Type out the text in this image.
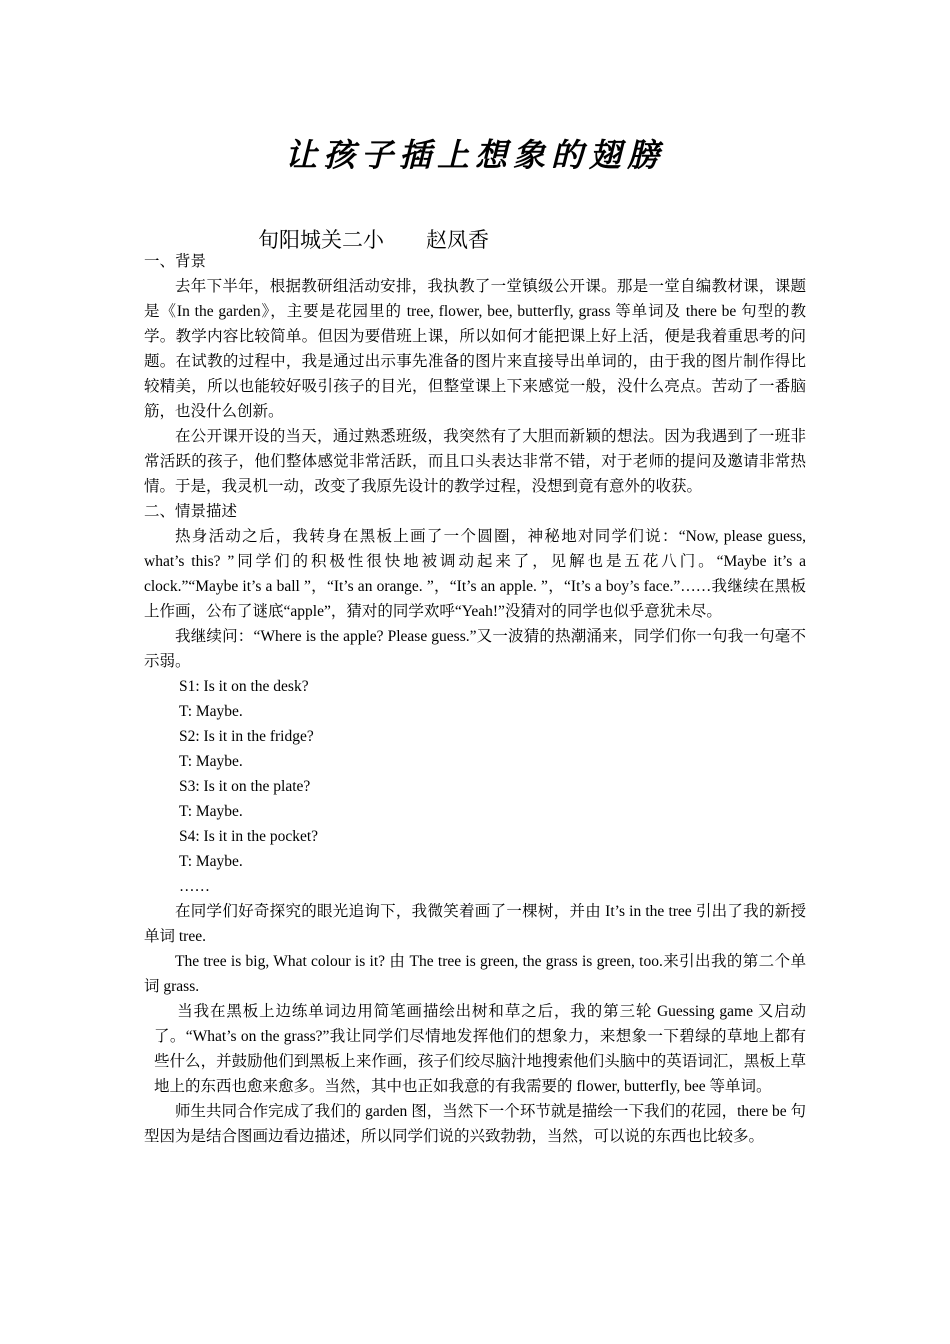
让孩子插上想象的翅膀
旬阳城关二小        赵凤香

一、背景

去年下半年，根据教研组活动安排，我执教了一堂镇级公开课。那是一堂自编教材课，课题是《In the garden》，主要是花园里的 tree, flower, bee, butterfly, grass 等单词及 there be 句型的教学。教学内容比较简单。但因为要借班上课，所以如何才能把课上好上活，便是我着重思考的问题。在试教的过程中，我是通过出示事先准备的图片来直接导出单词的，由于我的图片制作得比较精美，所以也能较好吸引孩子的目光，但整堂课上下来感觉一般，没什么亮点。苦动了一番脑筋，也没什么创新。

在公开课开设的当天，通过熟悉班级，我突然有了大胆而新颖的想法。因为我遇到了一班非常活跃的孩子，他们整体感觉非常活跃，而且口头表达非常不错，对于老师的提问及邀请非常热情。于是，我灵机一动，改变了我原先设计的教学过程，没想到竟有意外的收获。

二、情景描述

热身活动之后，我转身在黑板上画了一个圆圈，神秘地对同学们说：“Now, please guess, what’s this? ”同学们的积极性很快地被调动起来了，见解也是五花八门。“Maybe it’s a clock.”“Maybe it’s a ball ”，“It’s an orange. ”，“It’s an apple. ”，“It’s a boy’s face.”……我继续在黑板上作画，公布了谜底“apple”，猜对的同学欢呼“Yeah!”没猜对的同学也似乎意犹未尽。

我继续问：“Where is the apple? Please guess.”又一波猜的热潮涌来，同学们你一句我一句毫不示弱。

S1: Is it on the desk?

T: Maybe.

S2: Is it in the fridge?

T: Maybe.

S3: Is it on the plate?

T: Maybe.

S4: Is it in the pocket?

T: Maybe.

……

在同学们好奇探究的眼光追询下，我微笑着画了一棵树，并由 It’s in the tree 引出了我的新授单词 tree.

The tree is big, What colour is it? 由 The tree is green, the grass is green, too.来引出我的第二个单词 grass.

当我在黑板上边练单词边用简笔画描绘出树和草之后，我的第三轮 Guessing game 又启动了。“What’s on the grass?”我让同学们尽情地发挥他们的想象力，来想象一下碧绿的草地上都有些什么，并鼓励他们到黑板上来作画，孩子们绞尽脑汁地搜索他们头脑中的英语词汇，黑板上草地上的东西也愈来愈多。当然，其中也正如我意的有我需要的 flower, butterfly, bee 等单词。

师生共同合作完成了我们的 garden 图，当然下一个环节就是描绘一下我们的花园，there be 句型因为是结合图画边看边描述，所以同学们说的兴致勃勃，当然，可以说的东西也比较多。
